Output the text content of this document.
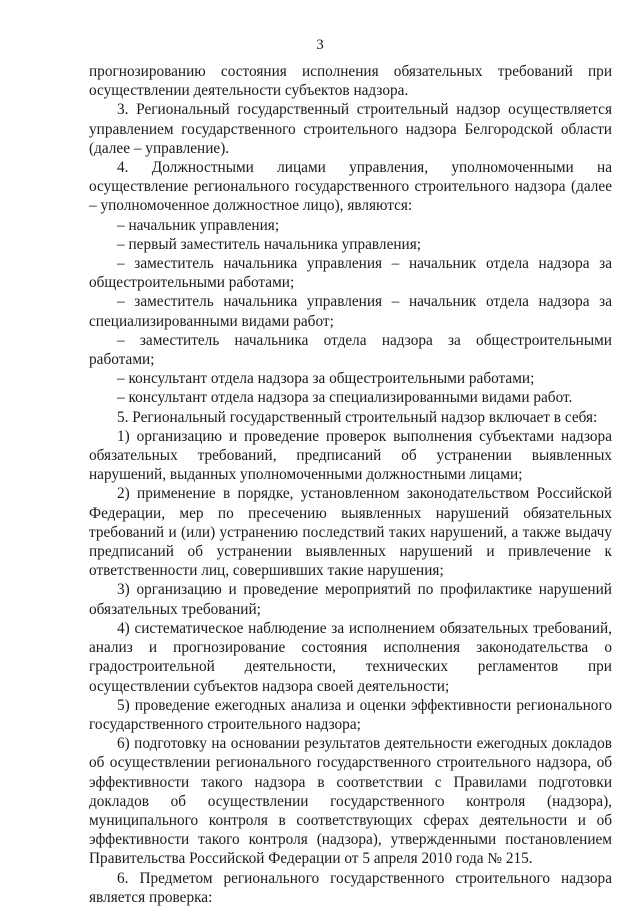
3

прогнозированию состояния исполнения обязательных требований при осуществлении деятельности субъектов надзора.

3. Региональный государственный строительный надзор осуществляется управлением государственного строительного надзора Белгородской области (далее – управление).

4. Должностными лицами управления, уполномоченными на осуществление регионального государственного строительного надзора (далее – уполномоченное должностное лицо), являются:

– начальник управления;

– первый заместитель начальника управления;

– заместитель начальника управления – начальник отдела надзора за общестроительными работами;

– заместитель начальника управления – начальник отдела надзора за специализированными видами работ;

– заместитель начальника отдела надзора за общестроительными работами;

– консультант отдела надзора за общестроительными работами;

– консультант отдела надзора за специализированными видами работ.

5. Региональный государственный строительный надзор включает в себя:

1) организацию и проведение проверок выполнения субъектами надзора обязательных требований, предписаний об устранении выявленных нарушений, выданных уполномоченными должностными лицами;

2) применение в порядке, установленном законодательством Российской Федерации, мер по пресечению выявленных нарушений обязательных требований и (или) устранению последствий таких нарушений, а также выдачу предписаний об устранении выявленных нарушений и привлечение к ответственности лиц, совершивших такие нарушения;

3) организацию и проведение мероприятий по профилактике нарушений обязательных требований;

4) систематическое наблюдение за исполнением обязательных требований, анализ и прогнозирование состояния исполнения законодательства о градостроительной деятельности, технических регламентов при осуществлении субъектов надзора своей деятельности;

5) проведение ежегодных анализа и оценки эффективности регионального государственного строительного надзора;

6) подготовку на основании результатов деятельности ежегодных докладов об осуществлении регионального государственного строительного надзора, об эффективности такого надзора в соответствии с Правилами подготовки докладов об осуществлении государственного контроля (надзора), муниципального контроля в соответствующих сферах деятельности и об эффективности такого контроля (надзора), утвержденными постановлением Правительства Российской Федерации от 5 апреля 2010 года № 215.

6. Предметом регионального государственного строительного надзора является проверка:
